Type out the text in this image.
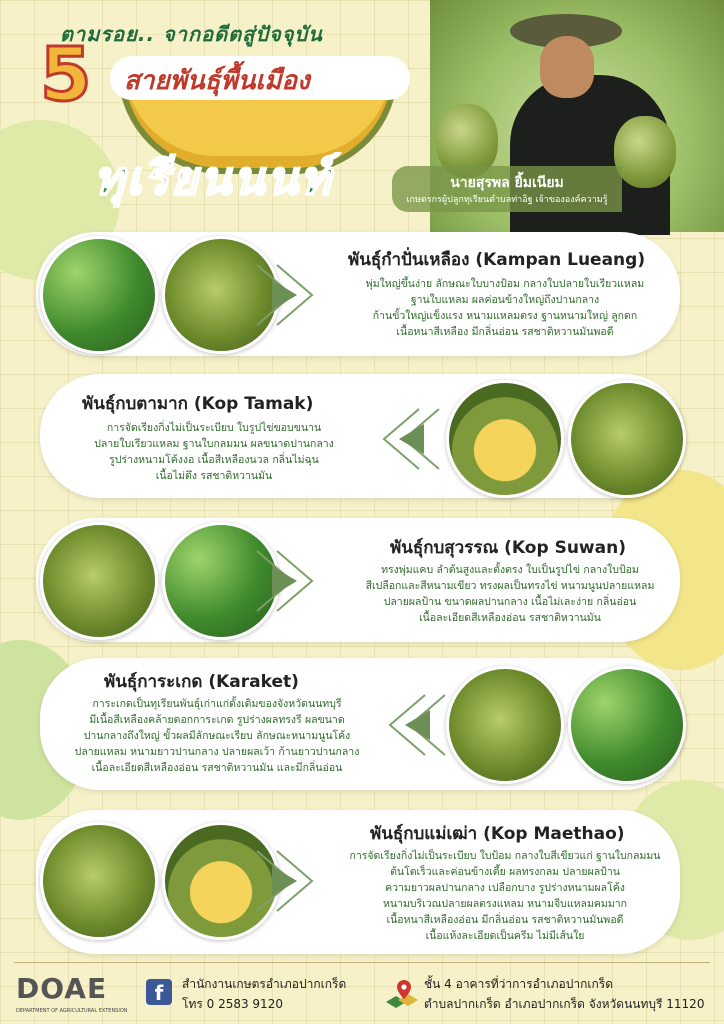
ตามรอย.. จากอดีตสู่ปัจจุบัน
5 สายพันธุ์พื้นเมือง
ทุเรียนนนท์	นายสุรพล ยิ้มเนียม
เกษตรกรผู้ปลูกทุเรียนตำบลท่าอิฐ เจ้าขององค์ความรู้
พันธุ์กำปั่นเหลือง (Kampan Lueang)
พุ่มใหญ่ขึ้นง่าย ลักษณะใบบางป้อม กลางใบปลายใบเรียวแหลม
ฐานใบแหลม ผลค่อนข้างใหญ่ถึงปานกลาง
ก้านขั้วใหญ่แข็งแรง หนามแหลมตรง ฐานหนามใหญ่ ลูกดก
เนื้อหนาสีเหลือง มีกลิ่นอ่อน รสชาติหวานมันพอดี
พันธุ์กบตามาก (Kop Tamak)
การจัดเรียงกิ่งไม่เป็นระเบียบ ใบรูปไข่ขอบขนาน
ปลายใบเรียวแหลม ฐานใบกลมมน ผลขนาดปานกลาง
รูปร่างหนามโค้งงอ เนื้อสีเหลืองนวล กลิ่นไม่ฉุน
เนื้อไม่ตึง รสชาติหวานมัน
พันธุ์กบสุวรรณ (Kop Suwan)
ทรงพุ่มแคบ ลำต้นสูงและตั้งตรง ใบเป็นรูปไข่ กลางใบป้อม
สีเปลือกและสีหนามเขียว ทรงผลเป็นทรงไข่ หนามนูนปลายแหลม
ปลายผลป้าน ขนาดผลปานกลาง เนื้อไม่เละง่าย กลิ่นอ่อน
เนื้อละเอียดสีเหลืองอ่อน รสชาติหวานมัน
พันธุ์การะเกด (Karaket)
การะเกดเป็นทุเรียนพันธุ์เก่าแก่ดั้งเดิมของจังหวัดนนทบุรี
มีเนื้อสีเหลืองคล้ายดอกการะเกด รูปร่างผลทรงรี ผลขนาด
ปานกลางถึงใหญ่ ขั้วผลมีลักษณะเรียบ ลักษณะหนามนูนโค้ง
ปลายแหลม หนามยาวปานกลาง ปลายผลเว้า ก้านยาวปานกลาง
เนื้อละเอียดสีเหลืองอ่อน รสชาติหวานมัน และมีกลิ่นอ่อน
พันธุ์กบแม่เฒ่า (Kop Maethao)
การจัดเรียงกิ่งไม่เป็นระเบียบ ใบป้อม กลางใบสีเขียวแก่ ฐานใบกลมมน
ต้นโตเร็วและค่อนข้างเตี้ย ผลทรงกลม ปลายผลป้าน
ความยาวผลปานกลาง เปลือกบาง รูปร่างหนามผลโค้ง
หนามบริเวณปลายผลตรงแหลม หนามจีบแหลมคมมาก
เนื้อหนาสีเหลืองอ่อน มีกลิ่นอ่อน รสชาติหวานมันพอดี
เนื้อแห้งละเอียดเป็นครีม ไม่มีเส้นใย
DOAE
DEPARTMENT OF AGRICULTURAL EXTENSION
f	สำนักงานเกษตรอำเภอปากเกร็ด
โทร 0 2583 9120
ชั้น 4 อาคารที่ว่าการอำเภอปากเกร็ด
ตำบลปากเกร็ด อำเภอปากเกร็ด จังหวัดนนทบุรี 11120
